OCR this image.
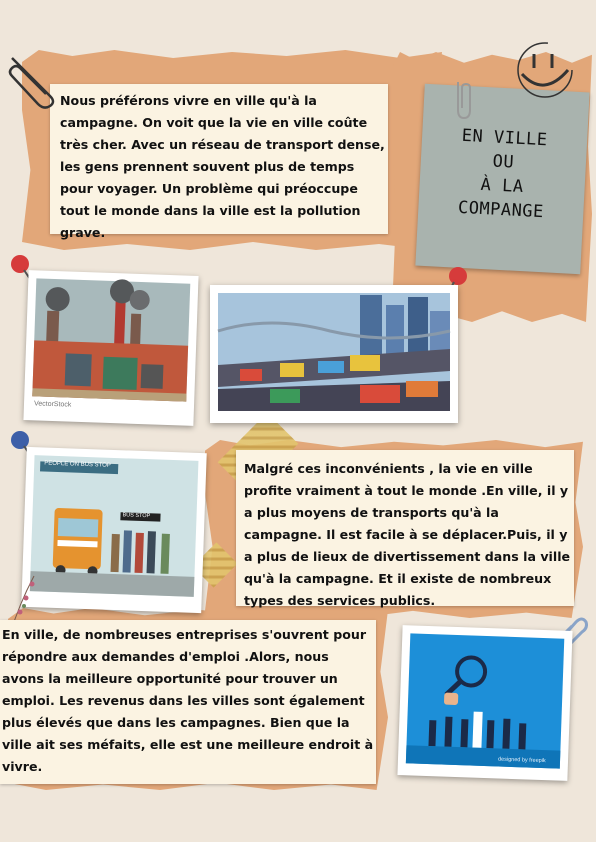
Nous préférons vivre en ville qu'à la campagne. On voit que la vie en ville coûte très cher. Avec un réseau de transport dense, les gens prennent souvent plus de temps pour voyager. Un problème qui préoccupe tout le monde dans la ville est la pollution grave.
EN VILLE
OU
À LA
COMPANGE
VectorStock
PEOPLE ON BUS STOP
BUS STOP
Malgré ces inconvénients , la vie en ville profite vraiment à tout le monde .En ville, il y a plus moyens de transports qu'à la campagne. Il est facile à se déplacer.Puis, il y a plus de lieux de divertissement dans la ville qu'à la campagne. Et il existe de nombreux types des services publics.
En ville, de nombreuses entreprises s'ouvrent pour répondre aux demandes d'emploi .Alors, nous avons la meilleure opportunité pour trouver un emploi. Les revenus dans les villes sont également plus élevés que dans les campagnes. Bien que la ville ait ses méfaits, elle est une meilleure endroit à vivre.	designed by freepik
